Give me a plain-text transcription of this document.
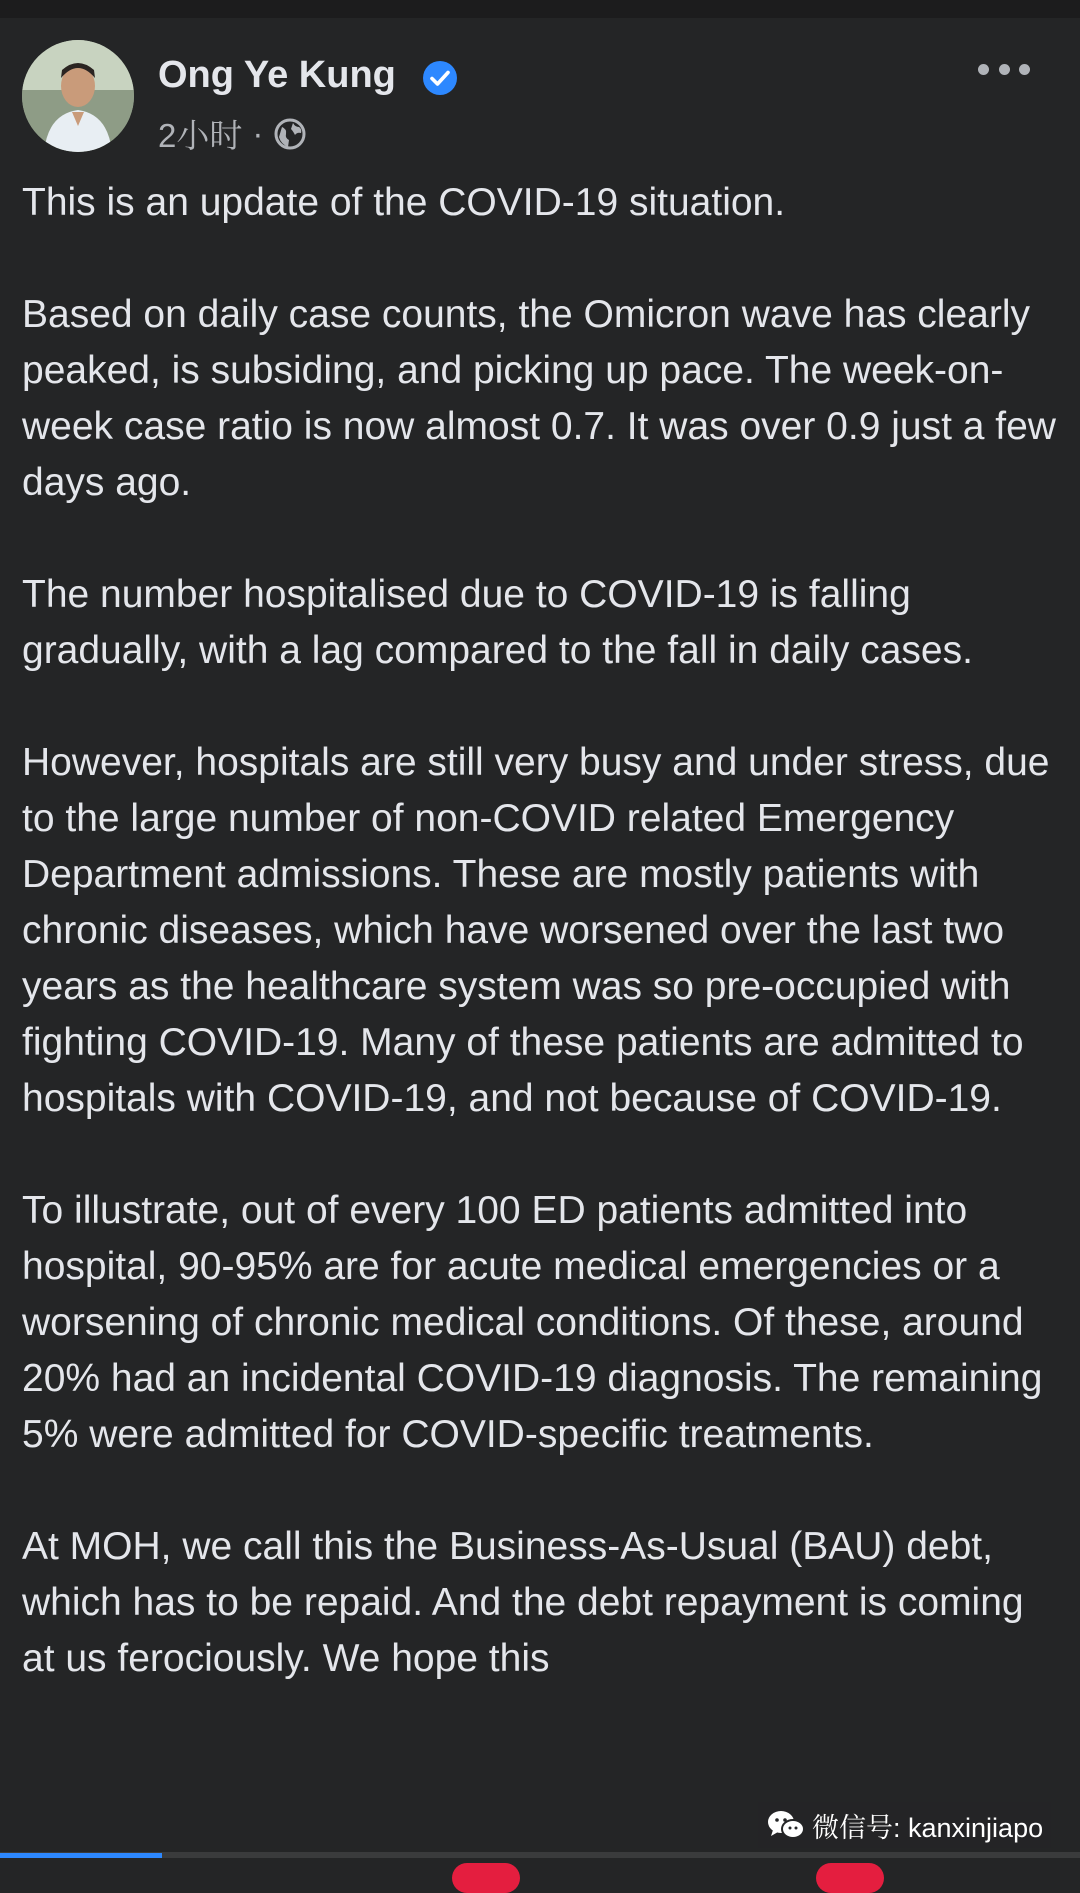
Ong Ye Kung
2小时 ·

This is an update of the COVID-19 situation.

Based on daily case counts, the Omicron wave has clearly peaked, is subsiding, and picking up pace. The week-on-week case ratio is now almost 0.7. It was over 0.9 just a few days ago.

The number hospitalised due to COVID-19 is falling gradually, with a lag compared to the fall in daily cases.

However, hospitals are still very busy and under stress, due to the large number of non-COVID related Emergency Department admissions. These are mostly patients with chronic diseases, which have worsened over the last two years as the healthcare system was so pre-occupied with fighting COVID-19. Many of these patients are admitted to hospitals with COVID-19, and not because of COVID-19.

To illustrate, out of every 100 ED patients admitted into hospital, 90-95% are for acute medical emergencies or a worsening of chronic medical conditions. Of these, around 20% had an incidental COVID-19 diagnosis. The remaining 5% were admitted for COVID-specific treatments.

At MOH, we call this the Business-As-Usual (BAU) debt, which has to be repaid. And the debt repayment is coming at us ferociously. We hope this

微信号: kanxinjiapo
